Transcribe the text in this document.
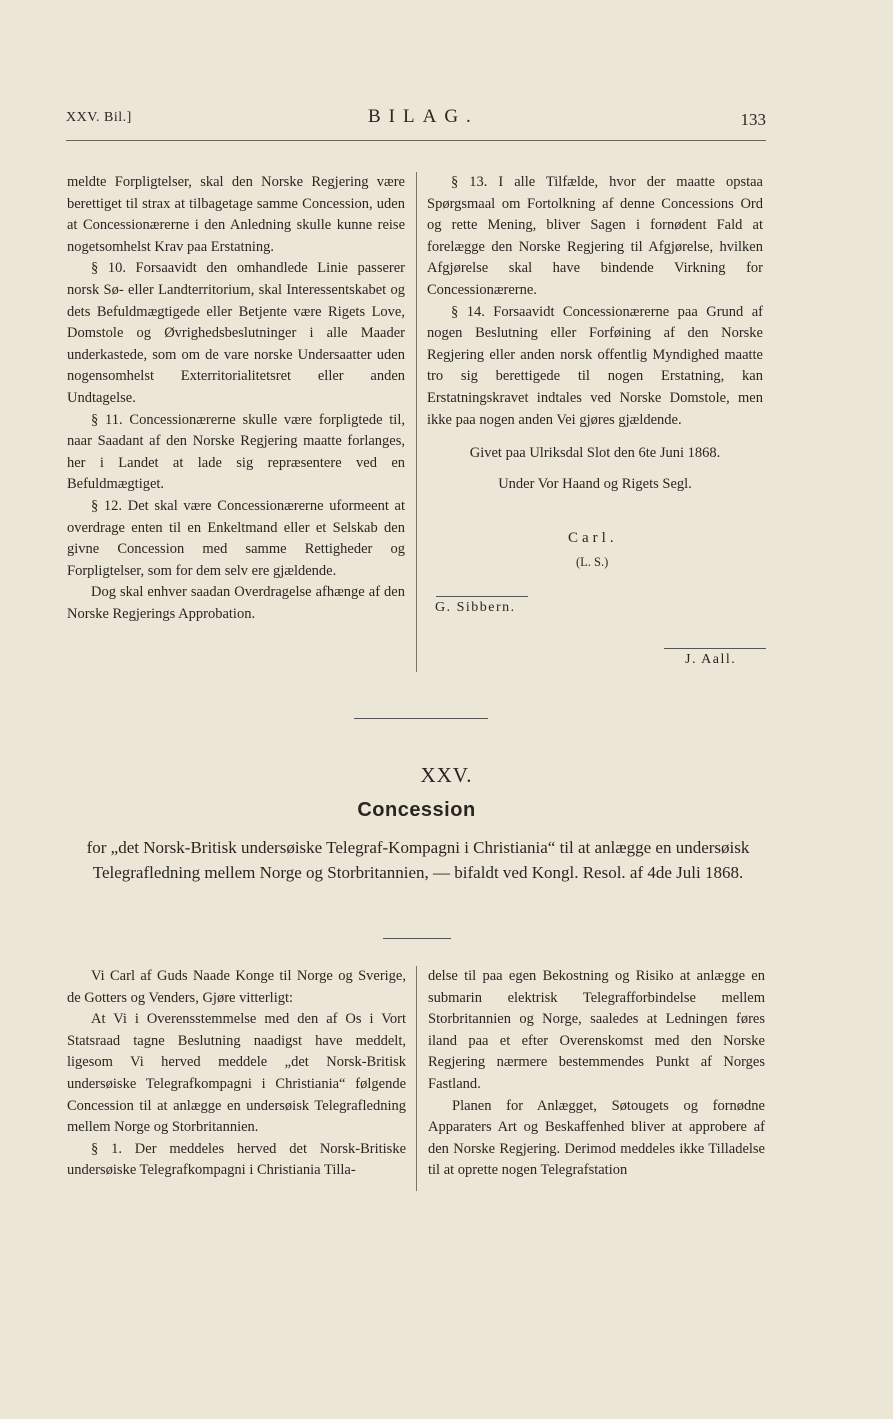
XXV. Bil.]	BILAG.	133

meldte Forpligtelser, skal den Norske Regjering være berettiget til strax at tilbagetage samme Concession, uden at Concessionærerne i den Anledning skulle kunne reise nogetsomhelst Krav paa Erstatning.

§ 10. Forsaavidt den omhandlede Linie passerer norsk Sø- eller Landterritorium, skal Interessentskabet og dets Befuldmægtigede eller Betjente være Rigets Love, Domstole og Øvrighedsbeslutninger i alle Maader underkastede, som om de vare norske Undersaatter uden nogensomhelst Exterritorialitetsret eller anden Undtagelse.

§ 11. Concessionærerne skulle være forpligtede til, naar Saadant af den Norske Regjering maatte forlanges, her i Landet at lade sig repræsentere ved en Befuldmægtiget.

§ 12. Det skal være Concessionærerne uformeent at overdrage enten til en Enkeltmand eller et Selskab den givne Concession med samme Rettigheder og Forpligtelser, som for dem selv ere gjældende.

Dog skal enhver saadan Overdragelse afhænge af den Norske Regjerings Approbation.

§ 13. I alle Tilfælde, hvor der maatte opstaa Spørgsmaal om Fortolkning af denne Concessions Ord og rette Mening, bliver Sagen i fornødent Fald at forelægge den Norske Regjering til Afgjørelse, hvilken Afgjørelse skal have bindende Virkning for Concessionærerne.

§ 14. Forsaavidt Concessionærerne paa Grund af nogen Beslutning eller Forføining af den Norske Regjering eller anden norsk offentlig Myndighed maatte tro sig berettigede til nogen Erstatning, kan Erstatningskravet indtales ved Norske Domstole, men ikke paa nogen anden Vei gjøres gjældende.

Givet paa Ulriksdal Slot den 6te Juni 1868.

Under Vor Haand og Rigets Segl.

Carl.
(L. S.)
G. Sibbern.
J. Aall.
XXV.
Concession
for „det Norsk-Britisk undersøiske Telegraf-Kompagni i Christiania“ til at anlægge en undersøisk Telegrafledning mellem Norge og Storbritannien, — bifaldt ved Kongl. Resol. af 4de Juli 1868.

Vi Carl af Guds Naade Konge til Norge og Sverige, de Gotters og Venders, Gjøre vitterligt:

At Vi i Overensstemmelse med den af Os i Vort Statsraad tagne Beslutning naadigst have meddelt, ligesom Vi herved meddele „det Norsk-Britisk undersøiske Telegrafkompagni i Christiania“ følgende Concession til at anlægge en undersøisk Telegrafledning mellem Norge og Storbritannien.

§ 1. Der meddeles herved det Norsk-Britiske undersøiske Telegrafkompagni i Christiania Tilla-

delse til paa egen Bekostning og Risiko at anlægge en submarin elektrisk Telegrafforbindelse mellem Storbritannien og Norge, saaledes at Ledningen føres iland paa et efter Overenskomst med den Norske Regjering nærmere bestemmendes Punkt af Norges Fastland.

Planen for Anlægget, Søtougets og fornødne Apparaters Art og Beskaffenhed bliver at approbere af den Norske Regjering. Derimod meddeles ikke Tilladelse til at oprette nogen Telegrafstation
